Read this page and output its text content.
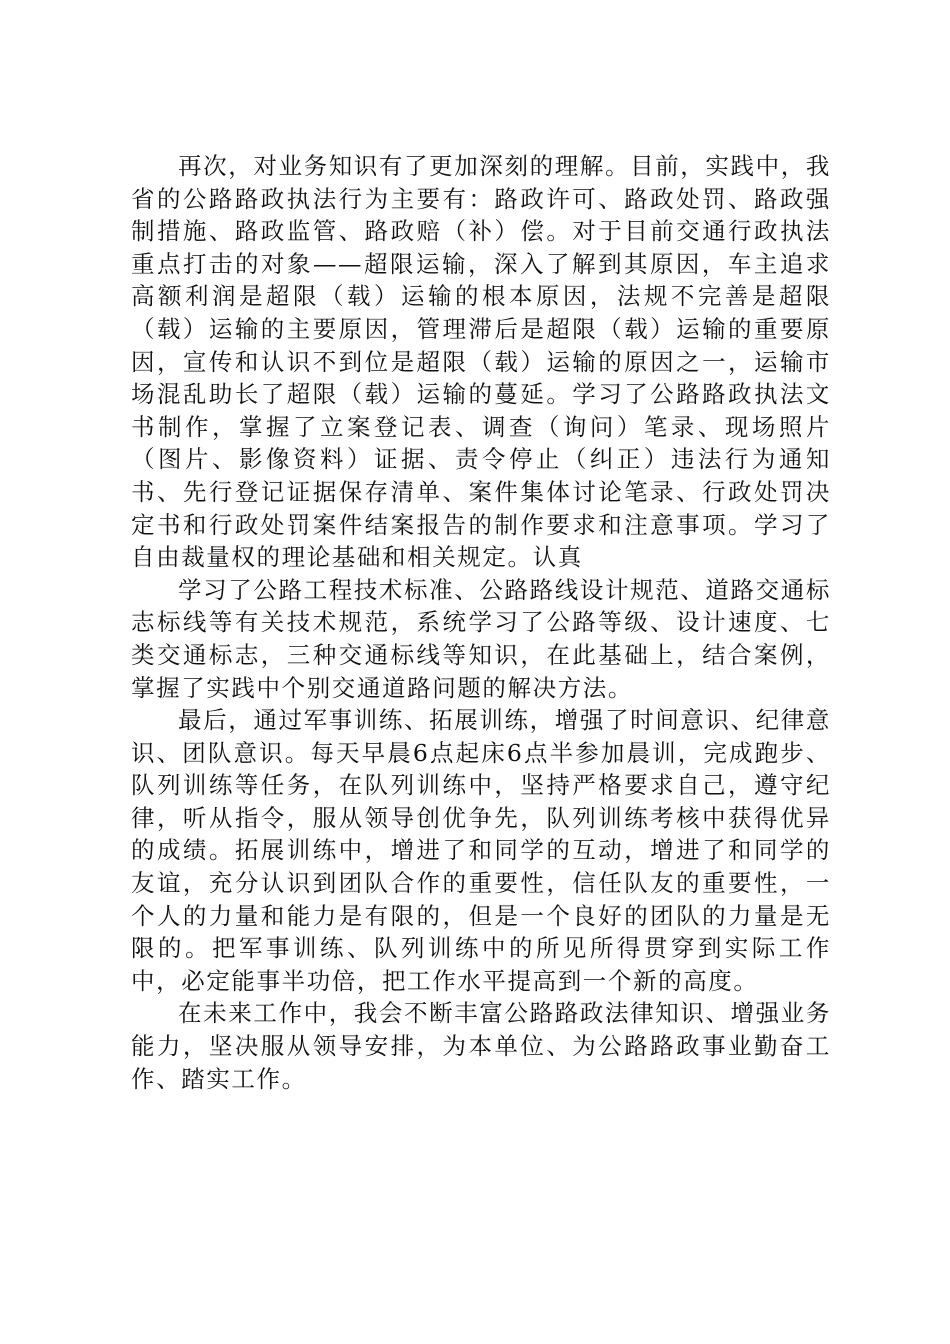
再次，对业务知识有了更加深刻的理解。目前，实践中，我省的公路路政执法行为主要有：路政许可、路政处罚、路政强制措施、路政监管、路政赔（补）偿。对于目前交通行政执法重点打击的对象——超限运输，深入了解到其原因，车主追求高额利润是超限（载）运输的根本原因，法规不完善是超限（载）运输的主要原因，管理滞后是超限（载）运输的重要原因，宣传和认识不到位是超限（载）运输的原因之一，运输市场混乱助长了超限（载）运输的蔓延。学习了公路路政执法文书制作，掌握了立案登记表、调查（询问）笔录、现场照片（图片、影像资料）证据、责令停止（纠正）违法行为通知书、先行登记证据保存清单、案件集体讨论笔录、行政处罚决定书和行政处罚案件结案报告的制作要求和注意事项。学习了自由裁量权的理论基础和相关规定。认真

学习了公路工程技术标准、公路路线设计规范、道路交通标志标线等有关技术规范，系统学习了公路等级、设计速度、七类交通标志，三种交通标线等知识，在此基础上，结合案例，掌握了实践中个别交通道路问题的解决方法。

最后，通过军事训练、拓展训练，增强了时间意识、纪律意识、团队意识。每天早晨6点起床6点半参加晨训，完成跑步、队列训练等任务，在队列训练中，坚持严格要求自己，遵守纪律，听从指令，服从领导创优争先，队列训练考核中获得优异的成绩。拓展训练中，增进了和同学的互动，增进了和同学的友谊，充分认识到团队合作的重要性，信任队友的重要性，一个人的力量和能力是有限的，但是一个良好的团队的力量是无限的。把军事训练、队列训练中的所见所得贯穿到实际工作中，必定能事半功倍，把工作水平提高到一个新的高度。

在未来工作中，我会不断丰富公路路政法律知识、增强业务能力，坚决服从领导安排，为本单位、为公路路政事业勤奋工作、踏实工作。
